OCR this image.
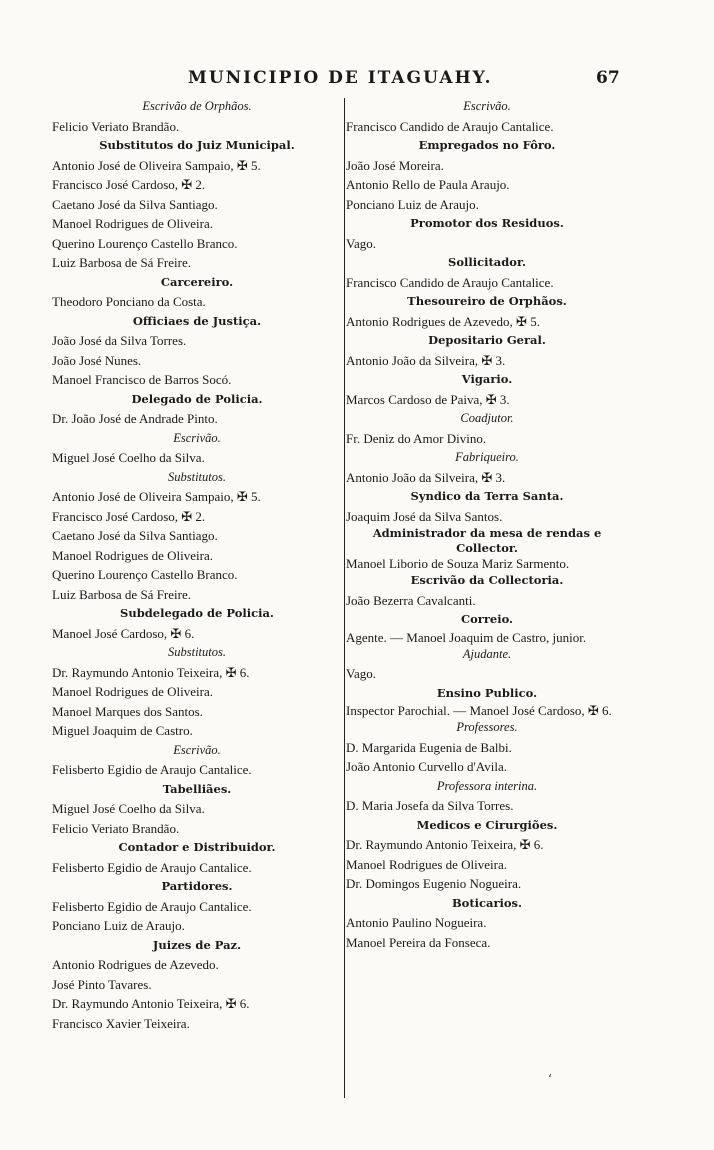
MUNICIPIO DE ITAGUAHY.	67
Escrivão de Orphãos.
Felicio Veriato Brandão.
Substitutos do Juiz Municipal.
Antonio José de Oliveira Sampaio, ✠ 5.
Francisco José Cardoso, ✠ 2.
Caetano José da Silva Santiago.
Manoel Rodrigues de Oliveira.
Querino Lourenço Castello Branco.
Luiz Barbosa de Sá Freire.
Carcereiro.
Theodoro Ponciano da Costa.
Officiaes de Justiça.
João José da Silva Torres.
João José Nunes.
Manoel Francisco de Barros Socó.
Delegado de Policia.
Dr. João José de Andrade Pinto.
Escrivão.
Miguel José Coelho da Silva.
Substitutos.
Antonio José de Oliveira Sampaio, ✠ 5.
Francisco José Cardoso, ✠ 2.
Caetano José da Silva Santiago.
Manoel Rodrigues de Oliveira.
Querino Lourenço Castello Branco.
Luiz Barbosa de Sá Freire.
Subdelegado de Policia.
Manoel José Cardoso, ✠ 6.
Substitutos.
Dr. Raymundo Antonio Teixeira, ✠ 6.
Manoel Rodrigues de Oliveira.
Manoel Marques dos Santos.
Miguel Joaquim de Castro.
Escrivão.
Felisberto Egidio de Araujo Cantalice.
Tabelliães.
Miguel José Coelho da Silva.
Felicio Veriato Brandão.
Contador e Distribuidor.
Felisberto Egidio de Araujo Cantalice.
Partidores.
Felisberto Egidio de Araujo Cantalice.
Ponciano Luiz de Araujo.
Juizes de Paz.
Antonio Rodrigues de Azevedo.
José Pinto Tavares.
Dr. Raymundo Antonio Teixeira, ✠ 6.
Francisco Xavier Teixeira.
Escrivão.
Francisco Candido de Araujo Cantalice.
Empregados no Fôro.
João José Moreira.
Antonio Rello de Paula Araujo.
Ponciano Luiz de Araujo.
Promotor dos Residuos.
Vago.
Sollicitador.
Francisco Candido de Araujo Cantalice.
Thesoureiro de Orphãos.
Antonio Rodrigues de Azevedo, ✠ 5.
Depositario Geral.
Antonio João da Silveira, ✠ 3.
Vigario.
Marcos Cardoso de Paiva, ✠ 3.
Coadjutor.
Fr. Deniz do Amor Divino.
Fabriqueiro.
Antonio João da Silveira, ✠ 3.
Syndico da Terra Santa.
Joaquim José da Silva Santos.
Administrador da mesa de rendas e Collector.
Manoel Liborio de Souza Mariz Sarmento.
Escrivão da Collectoria.
João Bezerra Cavalcanti.
Correio.
Agente. — Manoel Joaquim de Castro, junior.
Ajudante.
Vago.
Ensino Publico.
Inspector Parochial. — Manoel José Cardoso, ✠ 6.
Professores.
D. Margarida Eugenia de Balbi.
João Antonio Curvello d'Avila.
Professora interina.
D. Maria Josefa da Silva Torres.
Medicos e Cirurgiões.
Dr. Raymundo Antonio Teixeira, ✠ 6.
Manoel Rodrigues de Oliveira.
Dr. Domingos Eugenio Nogueira.
Boticarios.
Antonio Paulino Nogueira.
Manoel Pereira da Fonseca.
‘
